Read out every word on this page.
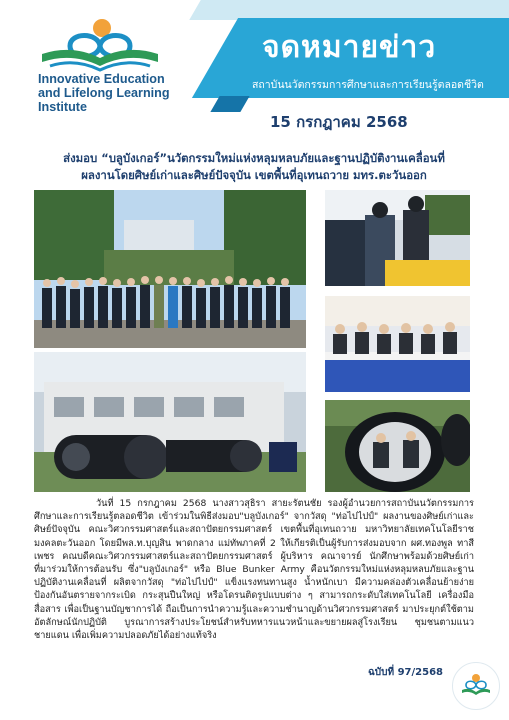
Innovative Education
and Lifelong Learning
Institute
จดหมายข่าว
สถาบันนวัตกรรมการศึกษาและการเรียนรู้ตลอดชีวิต
15 กรกฎาคม 2568
ส่งมอบ “บลูบังเกอร์”นวัตกรรมใหม่แห่งหลุมหลบภัยและฐานปฏิบัติงานเคลื่อนที่
ผลงานโดยศิษย์เก่าและศิษย์ปัจจุบัน เขตพื้นที่อุเทนถวาย มทร.ตะวันออก
วันที่ 15 กรกฎาคม 2568 นางสาวสุธิรา สายะรัตนชัย รองผู้อำนวยการสถาบันนวัตกรรมการศึกษาและการเรียนรู้ตลอดชีวิต เข้าร่วมในพิธีส่งมอบ"บลูบังเกอร์" จากวัสดุ "ท่อไปไปป์" ผลงานของศิษย์เก่าและศิษย์ปัจจุบัน คณะวิศวกรรมศาสตร์และสถาปัตยกรรมศาสตร์ เขตพื้นที่อุเทนถวาย มหาวิทยาลัยเทคโนโลยีราชมงคลตะวันออก โดยมีพล.ท.บุญสิน พาดกลาง แม่ทัพภาคที่ 2 ให้เกียรติเป็นผู้รับการส่งมอบจาก ผศ.ทองพูล ทาสีเพชร คณบดีคณะวิศวกรรมศาสตร์และสถาปัตยกรรมศาสตร์ ผู้บริหาร คณาจารย์ นักศึกษาพร้อมด้วยศิษย์เก่า ที่มาร่วมให้การต้อนรับ ซึ่ง"บลูบังเกอร์" หรือ Blue Bunker Army คือนวัตกรรมใหม่แห่งหลุมหลบภัยและฐานปฏิบัติงานเคลื่อนที่ ผลิตจากวัสดุ "ท่อไปไปป์" แข็งแรงทนทานสูง น้ำหนักเบา มีความคล่องตัวเคลื่อนย้ายง่าย ป้องกันอันตรายจากระเบิด กระสุนปืนใหญ่ หรือโดรนติดรูปแบบต่าง ๆ สามารถกระดับใส่เทคโนโลยี เครื่องมือสื่อสาร เพื่อเป็นฐานบัญชาการได้ ถือเป็นการนำความรู้และความชำนาญด้านวิศวกรรมศาสตร์ มาประยุกต์ใช้ตามอัตลักษณ์นักปฏิบัติ บูรณาการสร้างประโยชน์สำหรับทหารแนวหน้าและขยายผลสู่โรงเรียน ชุมชนตามแนวชายแดน เพื่อเพิ่มความปลอดภัยได้อย่างแท้จริง
ฉบับที่ 97/2568
